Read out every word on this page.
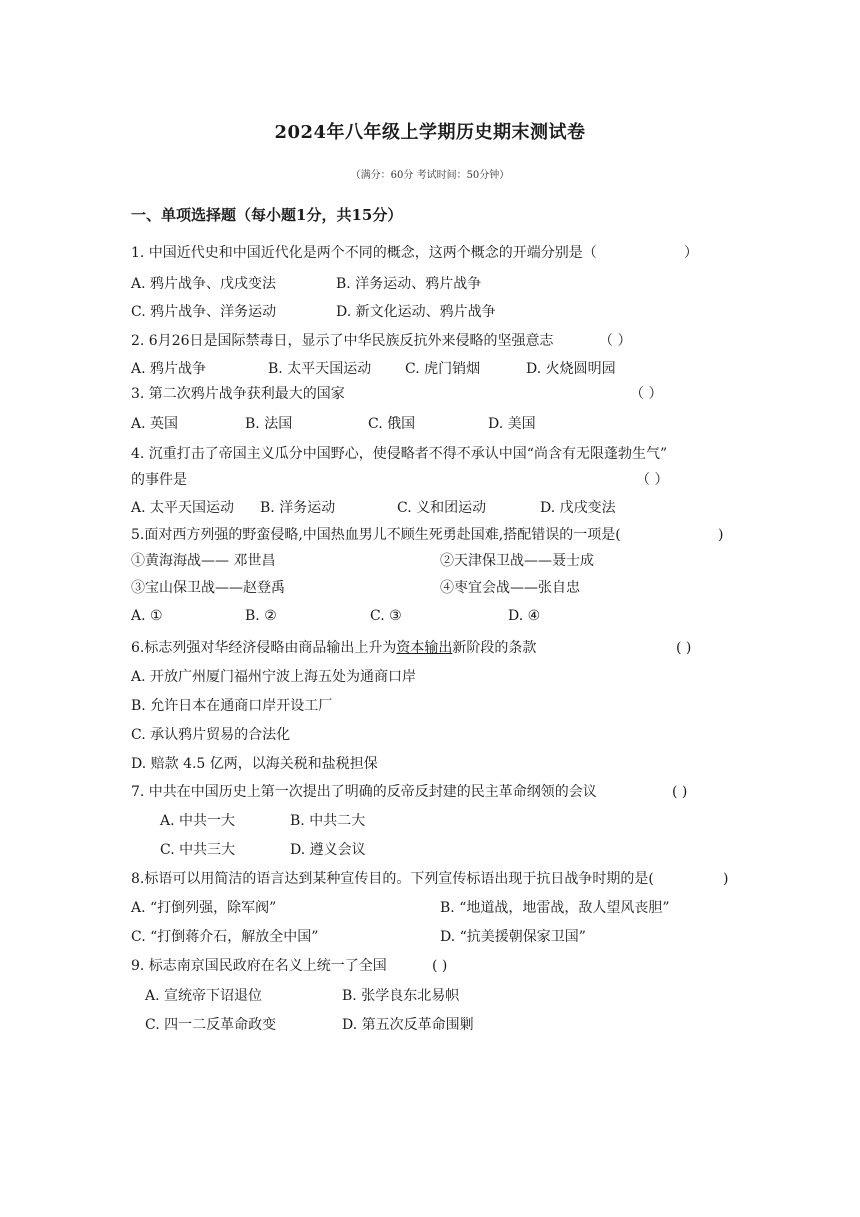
2024年八年级上学期历史期末测试卷
（满分：60分 考试时间：50分钟）
一、单项选择题（每小题1分，共15分）
1. 中国近代史和中国近代化是两个不同的概念，这两个概念的开端分别是（	）
A. 鸦片战争、戊戌变法	B. 洋务运动、鸦片战争
C. 鸦片战争、洋务运动	D. 新文化运动、鸦片战争
2. 6月26日是国际禁毒日，显示了中华民族反抗外来侵略的坚强意志	（ ）
A. 鸦片战争	B. 太平天国运动 C. 虎门销烟	D. 火烧圆明园
3. 第二次鸦片战争获利最大的国家	（ ）
A. 英国	B. 法国	C. 俄国	D. 美国
4. 沉重打击了帝国主义瓜分中国野心，使侵略者不得不承认中国“尚含有无限蓬勃生气”
的事件是	（ ）
A. 太平天国运动 B. 洋务运动	C. 义和团运动	D. 戊戌变法
5.面对西方列强的野蛮侵略,中国热血男儿不顾生死勇赴国难,搭配错误的一项是(	)
①黄海海战—— 邓世昌	②天津保卫战——聂士成
③宝山保卫战——赵登禹	④枣宜会战——张自忠
A. ①	B. ②	C. ③	D. ④
6.标志列强对华经济侵略由商品输出上升为资本输出新阶段的条款	( )
A. 开放广州厦门福州宁波上海五处为通商口岸
B. 允许日本在通商口岸开设工厂
C. 承认鸦片贸易的合法化
D. 赔款 4.5 亿两，以海关税和盐税担保
7. 中共在中国历史上第一次提出了明确的反帝反封建的民主革命纲领的会议	( )
A. 中共一大	B. 中共二大
C. 中共三大	D. 遵义会议
8.标语可以用简洁的语言达到某种宣传目的。下列宣传标语出现于抗日战争时期的是(	)
A. “打倒列强，除军阀”	B. “地道战，地雷战，敌人望风丧胆”
C. “打倒蒋介石，解放全中国”	D. “抗美援朝保家卫国”
9. 标志南京国民政府在名义上统一了全国	( )
A. 宣统帝下诏退位	B. 张学良东北易帜
C. 四一二反革命政变	D. 第五次反革命围剿
